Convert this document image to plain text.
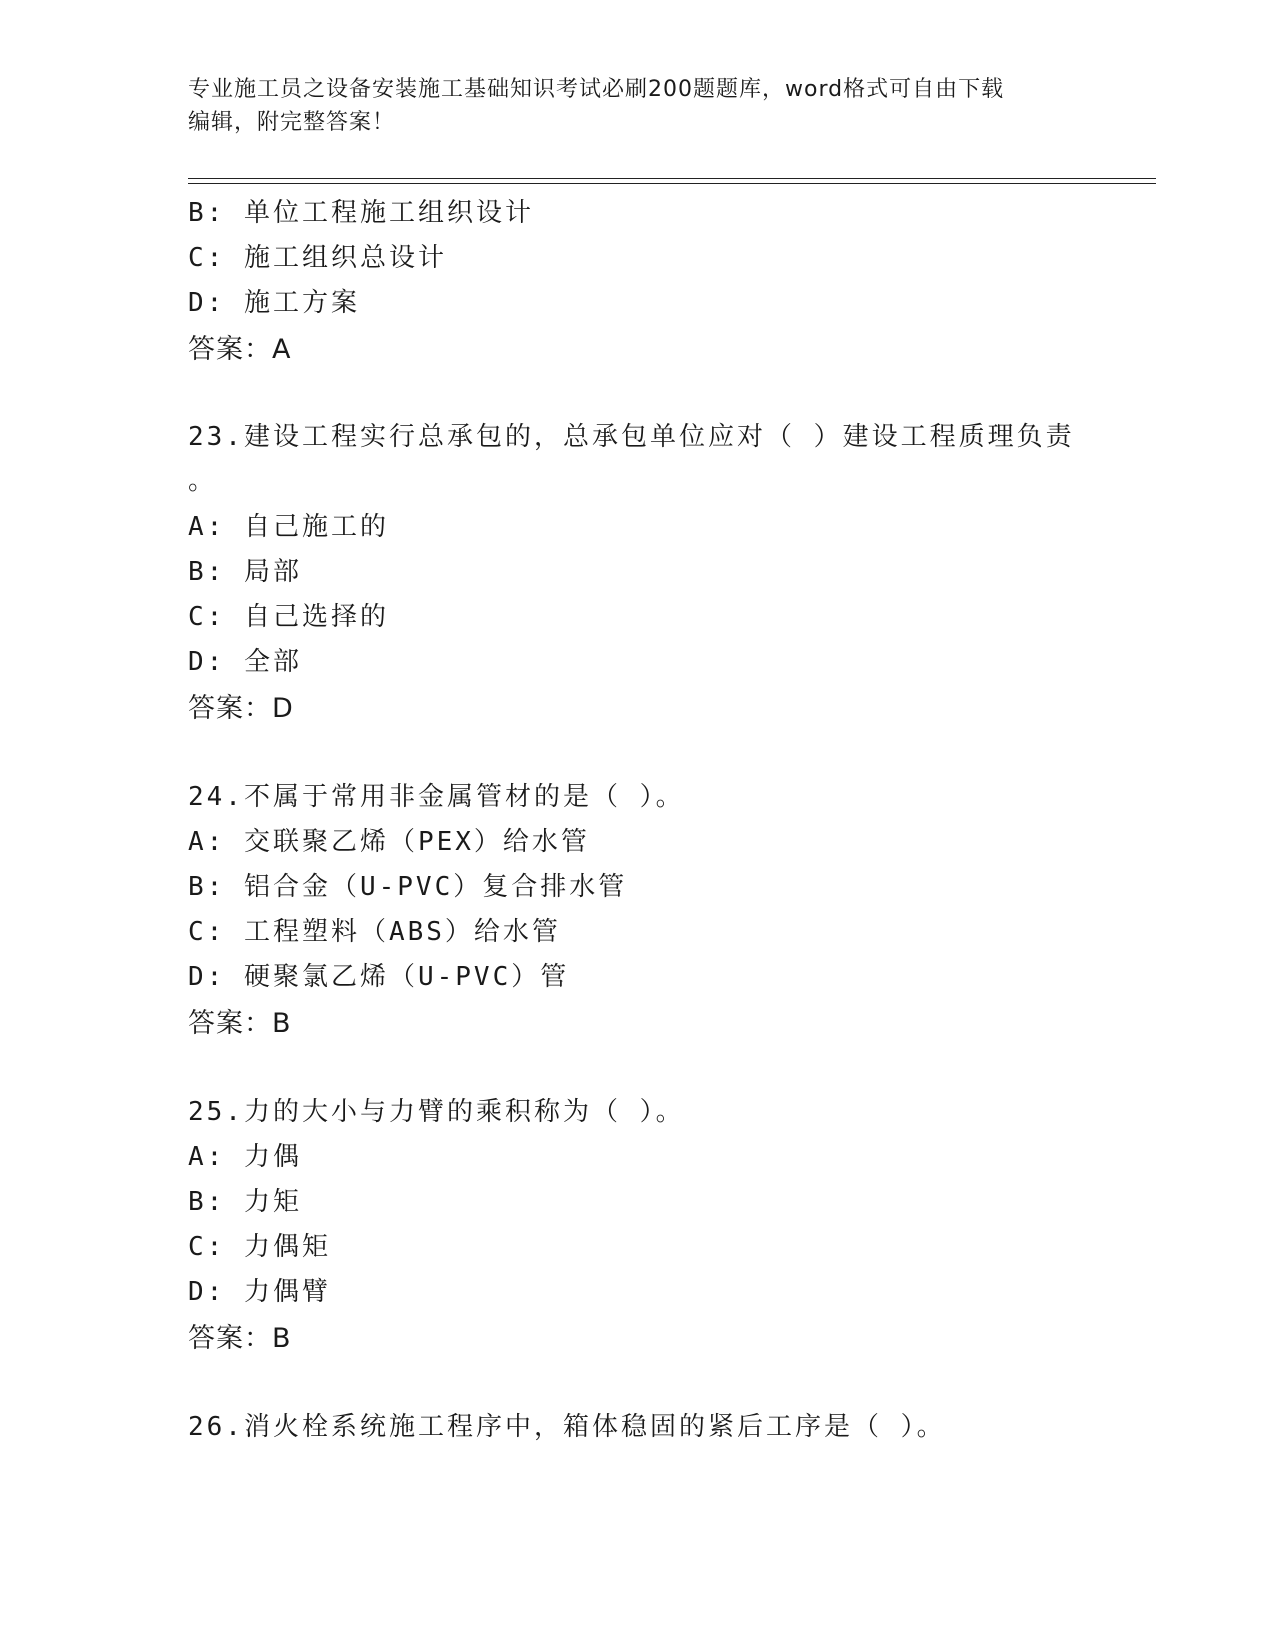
专业施工员之设备安装施工基础知识考试必刷200题题库，word格式可自由下载
编辑，附完整答案！
B: 单位工程施工组织设计
C: 施工组织总设计
D: 施工方案
答案：A
23.建设工程实行总承包的，总承包单位应对（ ）建设工程质理负责
。
A: 自己施工的
B: 局部
C: 自己选择的
D: 全部
答案：D
24.不属于常用非金属管材的是（ ）。
A: 交联聚乙烯（PEX）给水管
B: 铝合金（U-PVC）复合排水管
C: 工程塑料（ABS）给水管
D: 硬聚氯乙烯（U-PVC）管
答案：B
25.力的大小与力臂的乘积称为（ ）。
A: 力偶
B: 力矩
C: 力偶矩
D: 力偶臂
答案：B
26.消火栓系统施工程序中，箱体稳固的紧后工序是（ ）。
